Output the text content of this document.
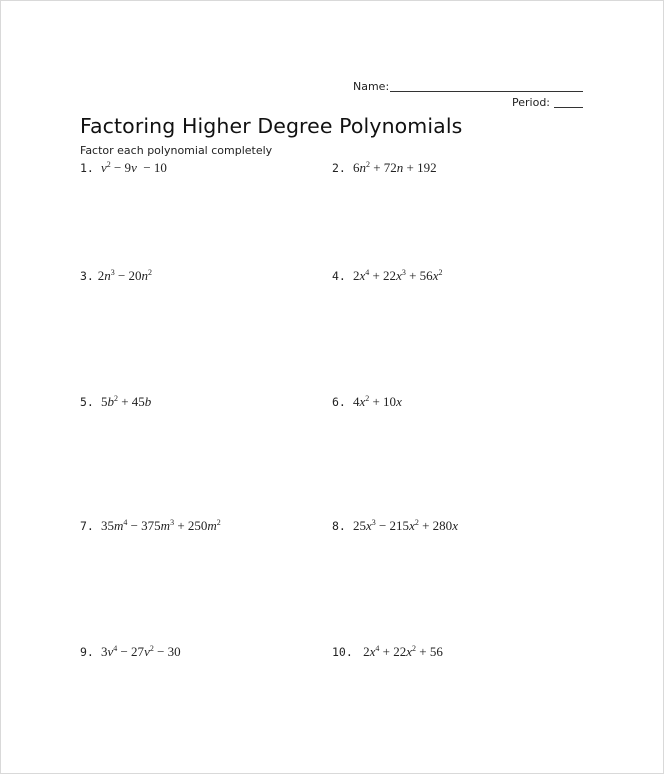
Name:
Period:
Factoring Higher Degree Polynomials
Factor each polynomial completely
1. $v^2 - 9v - 10$	2.  $6n^2 + 72n + 192$
3. $2n^3 - 20n^2$	4.  $2x^4 + 22x^3 + 56x^2$
5.  $5b^2 + 45b$	6.  $4x^2 + 10x$
7.  $35m^4 - 375m^3 + 250m^2$	8.  $25x^3 - 215x^2 + 280x$
9.  $3v^4 - 27v^2 - 30$	10.   $2x^4 + 22x^2 + 56$
